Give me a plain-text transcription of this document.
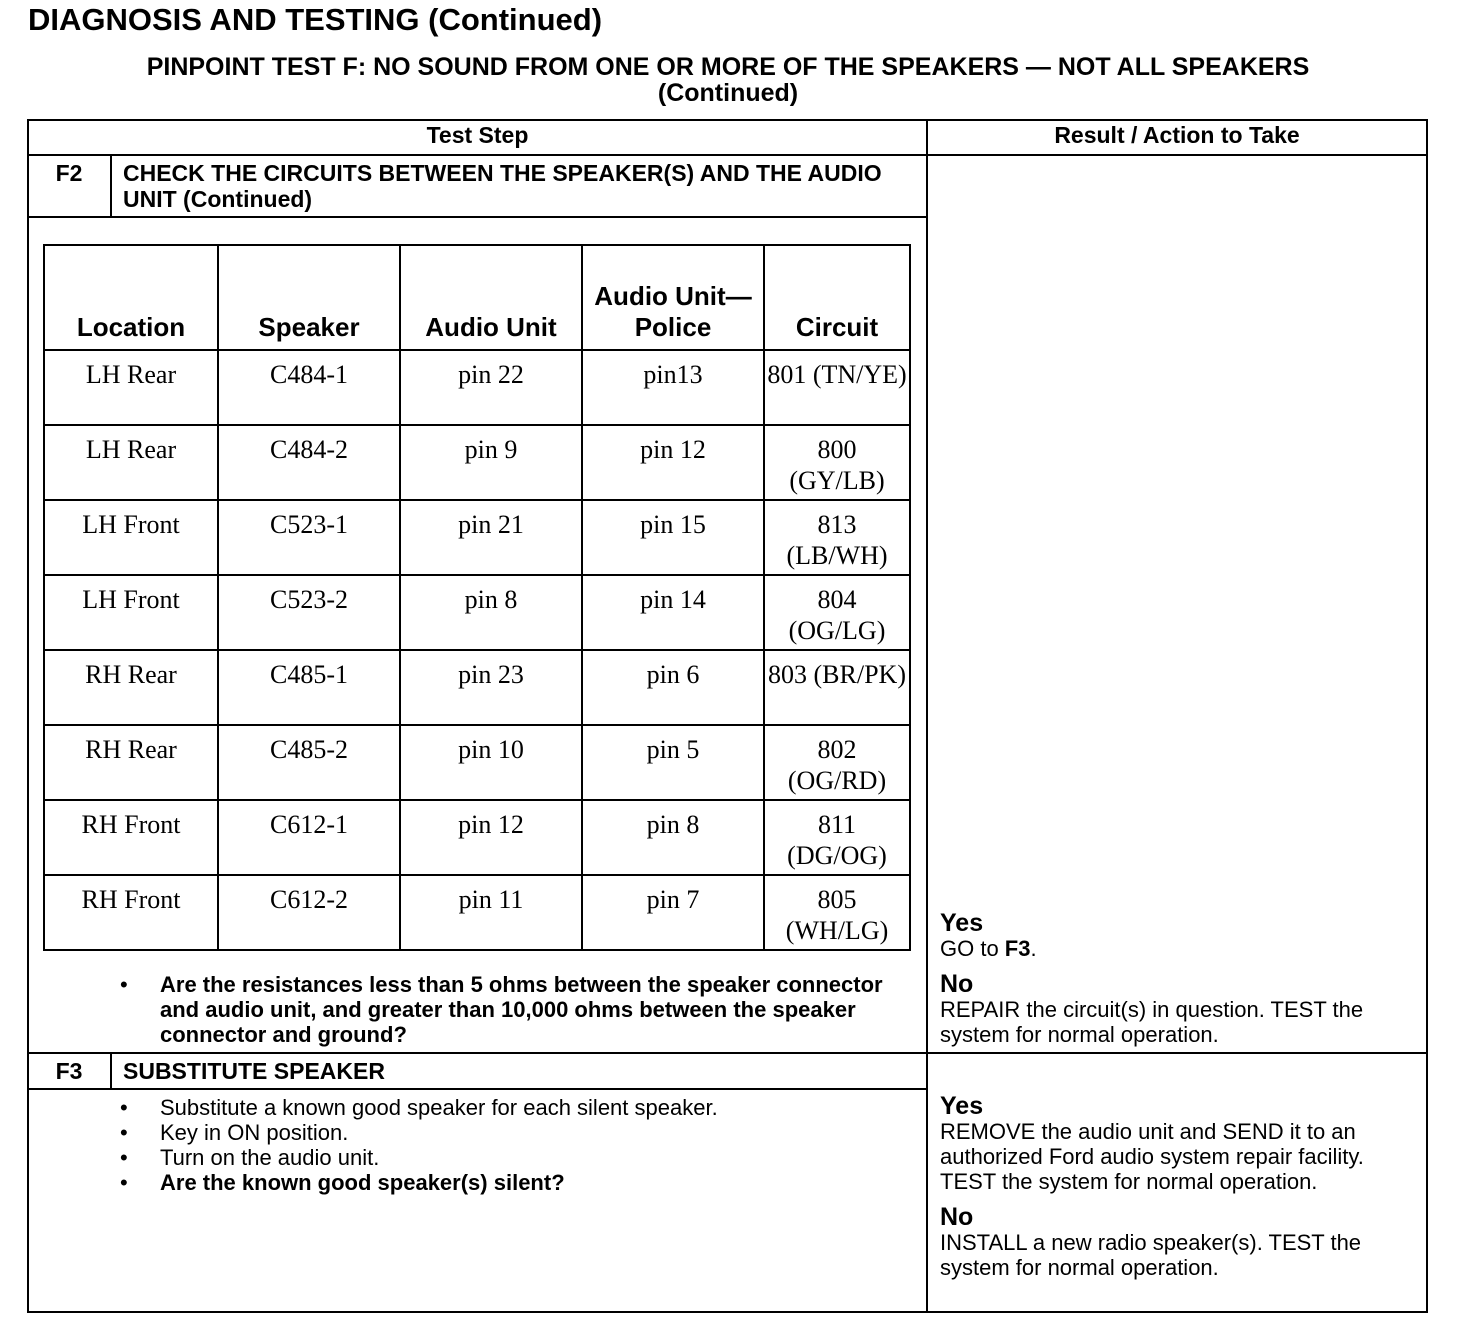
DIAGNOSIS AND TESTING (Continued)
PINPOINT TEST F: NO SOUND FROM ONE OR MORE OF THE SPEAKERS — NOT ALL SPEAKERS
(Continued)
Test Step	Result / Action to Take
F2	CHECK THE CIRCUITS BETWEEN THE SPEAKER(S) AND THE AUDIO UNIT (Continued)
Location	Speaker	Audio Unit	Audio Unit— Police	Circuit
LH Rear	C484-1	pin 22	pin13	801 (TN/YE)
LH Rear	C484-2	pin 9	pin 12	800 (GY/LB)
LH Front	C523-1	pin 21	pin 15	813 (LB/WH)
LH Front	C523-2	pin 8	pin 14	804 (OG/LG)
RH Rear	C485-1	pin 23	pin 6	803 (BR/PK)
RH Rear	C485-2	pin 10	pin 5	802 (OG/RD)
RH Front	C612-1	pin 12	pin 8	811 (DG/OG)
RH Front	C612-2	pin 11	pin 7	805 (WH/LG)
•	Are the resistances less than 5 ohms between the speaker connector and audio unit, and greater than 10,000 ohms between the speaker connector and ground?
Yes
GO to F3.
No
REPAIR the circuit(s) in question. TEST the system for normal operation.
F3	SUBSTITUTE SPEAKER
•	Substitute a known good speaker for each silent speaker.
•	Key in ON position.
•	Turn on the audio unit.
•	Are the known good speaker(s) silent?
Yes
REMOVE the audio unit and SEND it to an authorized Ford audio system repair facility. TEST the system for normal operation.
No
INSTALL a new radio speaker(s). TEST the system for normal operation.
